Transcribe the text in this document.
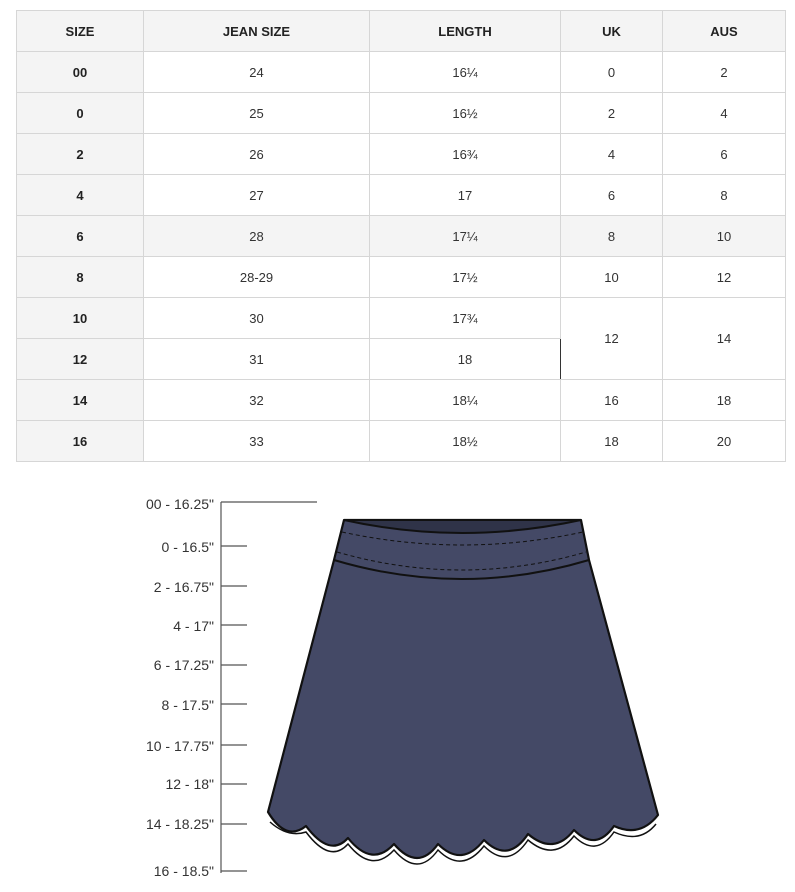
SIZE	JEAN SIZE	LENGTH	UK	AUS
00	24	16¼	0	2
0	25	16½	2	4
2	26	16¾	4	6
4	27	17	6	8
6	28	17¼	8	10
8	28-29	17½	10	12
10	30	17¾	12	14
12	31	18		
14	32	18¼	16	18
16	33	18½	18	20
00 - 16.25"
0 - 16.5"
2 - 16.75"
4 - 17"
6 - 17.25"
8 - 17.5"
10 - 17.75"
12 - 18"
14 - 18.25"
16 - 18.5"
